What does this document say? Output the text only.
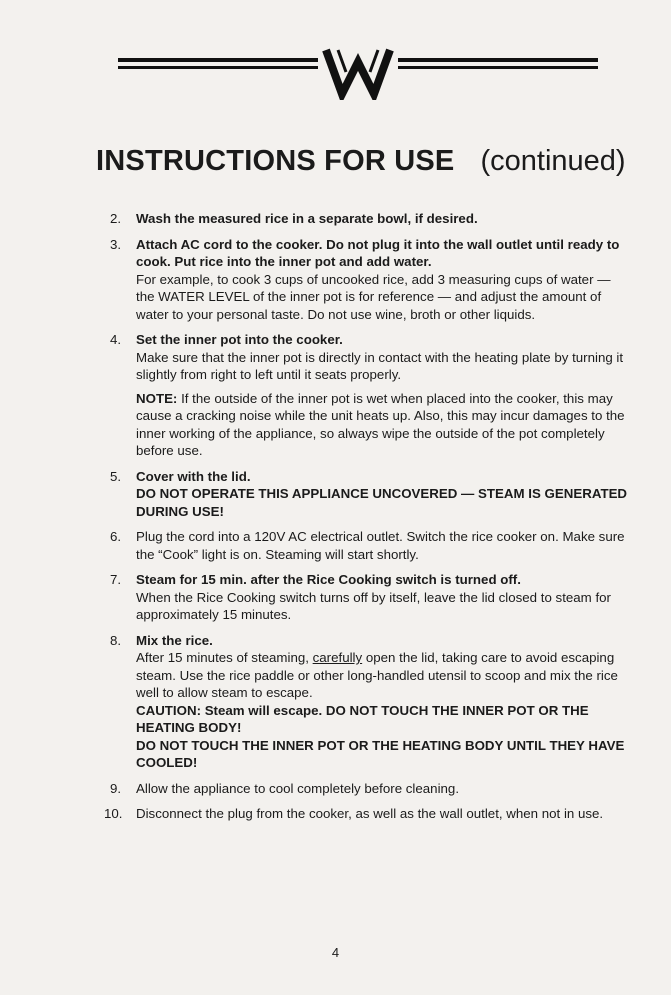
INSTRUCTIONS FOR USE (continued)
2.	Wash the measured rice in a separate bowl, if desired.
3.	Attach AC cord to the cooker. Do not plug it into the wall outlet until ready to cook. Put rice into the inner pot and add water.
For example, to cook 3 cups of uncooked rice, add 3 measuring cups of water — the WATER LEVEL of the inner pot is for reference — and adjust the amount of water to your personal taste. Do not use wine, broth or other liquids.
4.	Set the inner pot into the cooker.
Make sure that the inner pot is directly in contact with the heating plate by turning it slightly from right to left until it seats properly.
NOTE: If the outside of the inner pot is wet when placed into the cooker, this may cause a cracking noise while the unit heats up. Also, this may incur damages to the inner working of the appliance, so always wipe the outside of the pot completely before use.
5.	Cover with the lid.
DO NOT OPERATE THIS APPLIANCE UNCOVERED — STEAM IS GENERATED DURING USE!
6.	Plug the cord into a 120V AC electrical outlet. Switch the rice cooker on. Make sure the “Cook” light is on. Steaming will start shortly.
7.	Steam for 15 min. after the Rice Cooking switch is turned off.
When the Rice Cooking switch turns off by itself, leave the lid closed to steam for approximately 15 minutes.
8.	Mix the rice.
After 15 minutes of steaming, carefully open the lid, taking care to avoid escaping steam. Use the rice paddle or other long-handled utensil to scoop and mix the rice well to allow steam to escape.
CAUTION: Steam will escape. DO NOT TOUCH THE INNER POT OR THE HEATING BODY!
DO NOT TOUCH THE INNER POT OR THE HEATING BODY UNTIL THEY HAVE COOLED!
9.	Allow the appliance to cool completely before cleaning.
10. Disconnect the plug from the cooker, as well as the wall outlet, when not in use.
4
